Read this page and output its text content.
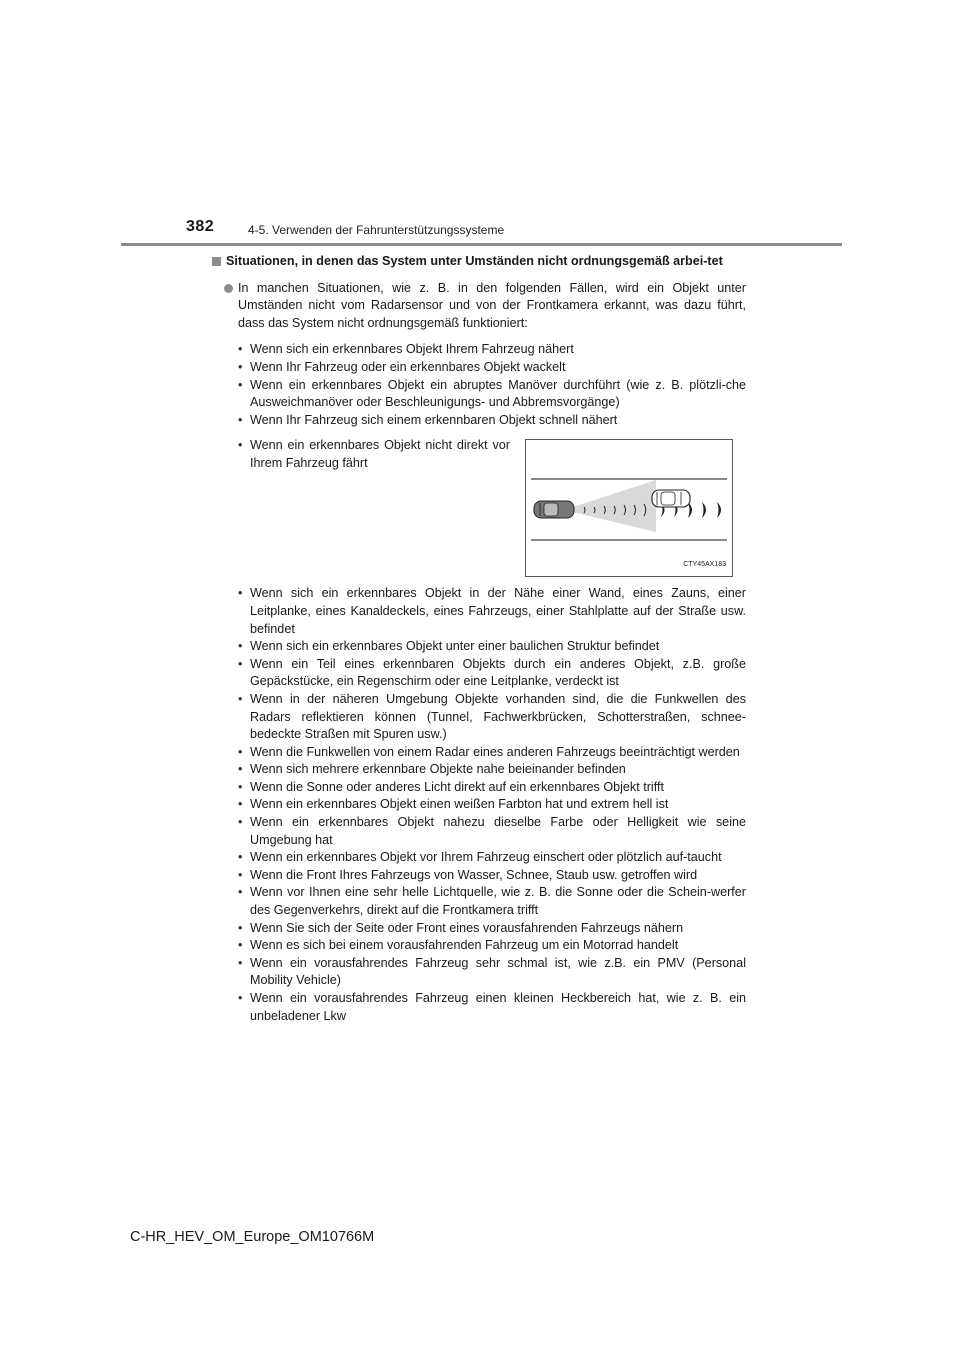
382	4-5. Verwenden der Fahrunterstützungssysteme
Situationen, in denen das System unter Umständen nicht ordnungsgemäß arbei-tet
In manchen Situationen, wie z. B. in den folgenden Fällen, wird ein Objekt unter Umständen nicht vom Radarsensor und von der Frontkamera erkannt, was dazu führt, dass das System nicht ordnungsgemäß funktioniert:
• Wenn sich ein erkennbares Objekt Ihrem Fahrzeug nähert
• Wenn Ihr Fahrzeug oder ein erkennbares Objekt wackelt
• Wenn ein erkennbares Objekt ein abruptes Manöver durchführt (wie z. B. plötzli-che Ausweichmanöver oder Beschleunigungs- und Abbremsvorgänge)
• Wenn Ihr Fahrzeug sich einem erkennbaren Objekt schnell nähert
• Wenn ein erkennbares Objekt nicht direkt vor Ihrem Fahrzeug fährt
CTY45AX183
• Wenn sich ein erkennbares Objekt in der Nähe einer Wand, eines Zauns, einer Leitplanke, eines Kanaldeckels, eines Fahrzeugs, einer Stahlplatte auf der Straße usw. befindet
• Wenn sich ein erkennbares Objekt unter einer baulichen Struktur befindet
• Wenn ein Teil eines erkennbaren Objekts durch ein anderes Objekt, z.B. große Gepäckstücke, ein Regenschirm oder eine Leitplanke, verdeckt ist
• Wenn in der näheren Umgebung Objekte vorhanden sind, die die Funkwellen des Radars reflektieren können (Tunnel, Fachwerkbrücken, Schotterstraßen, schnee-bedeckte Straßen mit Spuren usw.)
• Wenn die Funkwellen von einem Radar eines anderen Fahrzeugs beeinträchtigt werden
• Wenn sich mehrere erkennbare Objekte nahe beieinander befinden
• Wenn die Sonne oder anderes Licht direkt auf ein erkennbares Objekt trifft
• Wenn ein erkennbares Objekt einen weißen Farbton hat und extrem hell ist
• Wenn ein erkennbares Objekt nahezu dieselbe Farbe oder Helligkeit wie seine Umgebung hat
• Wenn ein erkennbares Objekt vor Ihrem Fahrzeug einschert oder plötzlich auf-taucht
• Wenn die Front Ihres Fahrzeugs von Wasser, Schnee, Staub usw. getroffen wird
• Wenn vor Ihnen eine sehr helle Lichtquelle, wie z. B. die Sonne oder die Schein-werfer des Gegenverkehrs, direkt auf die Frontkamera trifft
• Wenn Sie sich der Seite oder Front eines vorausfahrenden Fahrzeugs nähern
• Wenn es sich bei einem vorausfahrenden Fahrzeug um ein Motorrad handelt
• Wenn ein vorausfahrendes Fahrzeug sehr schmal ist, wie z.B. ein PMV (Personal Mobility Vehicle)
• Wenn ein vorausfahrendes Fahrzeug einen kleinen Heckbereich hat, wie z. B. ein unbeladener Lkw
C-HR_HEV_OM_Europe_OM10766M
